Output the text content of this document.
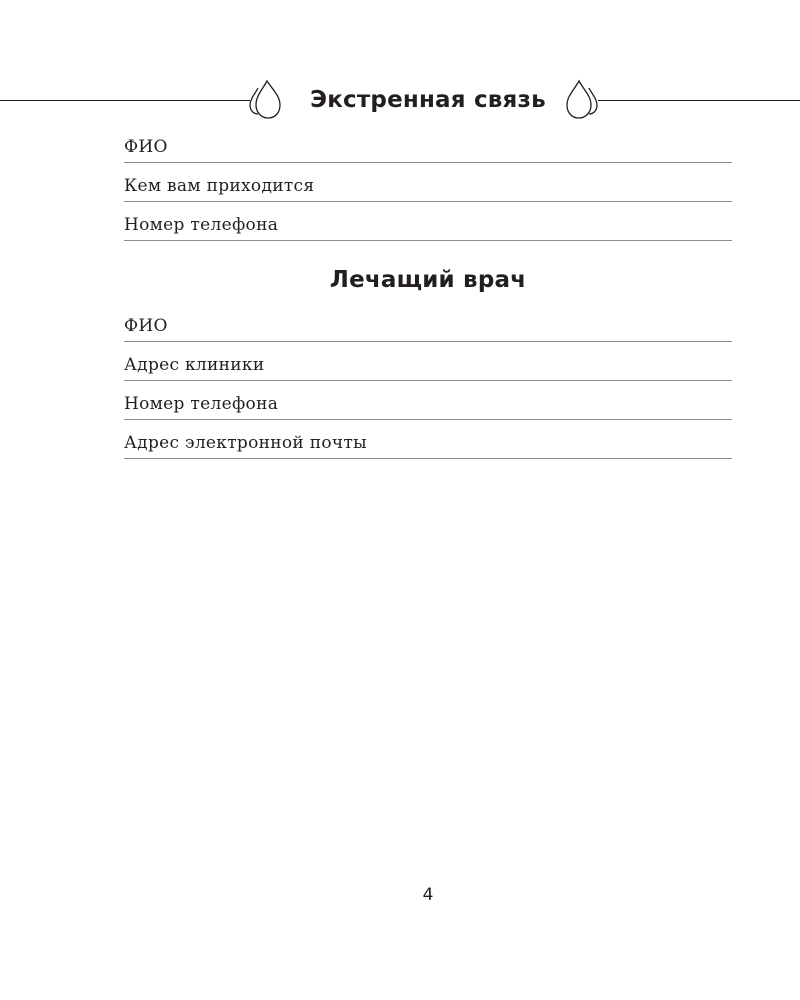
Экстренная связь
ФИО
Кем вам приходится
Номер телефона
Лечащий врач
ФИО
Адрес клиники
Номер телефона
Адрес электронной почты
4
